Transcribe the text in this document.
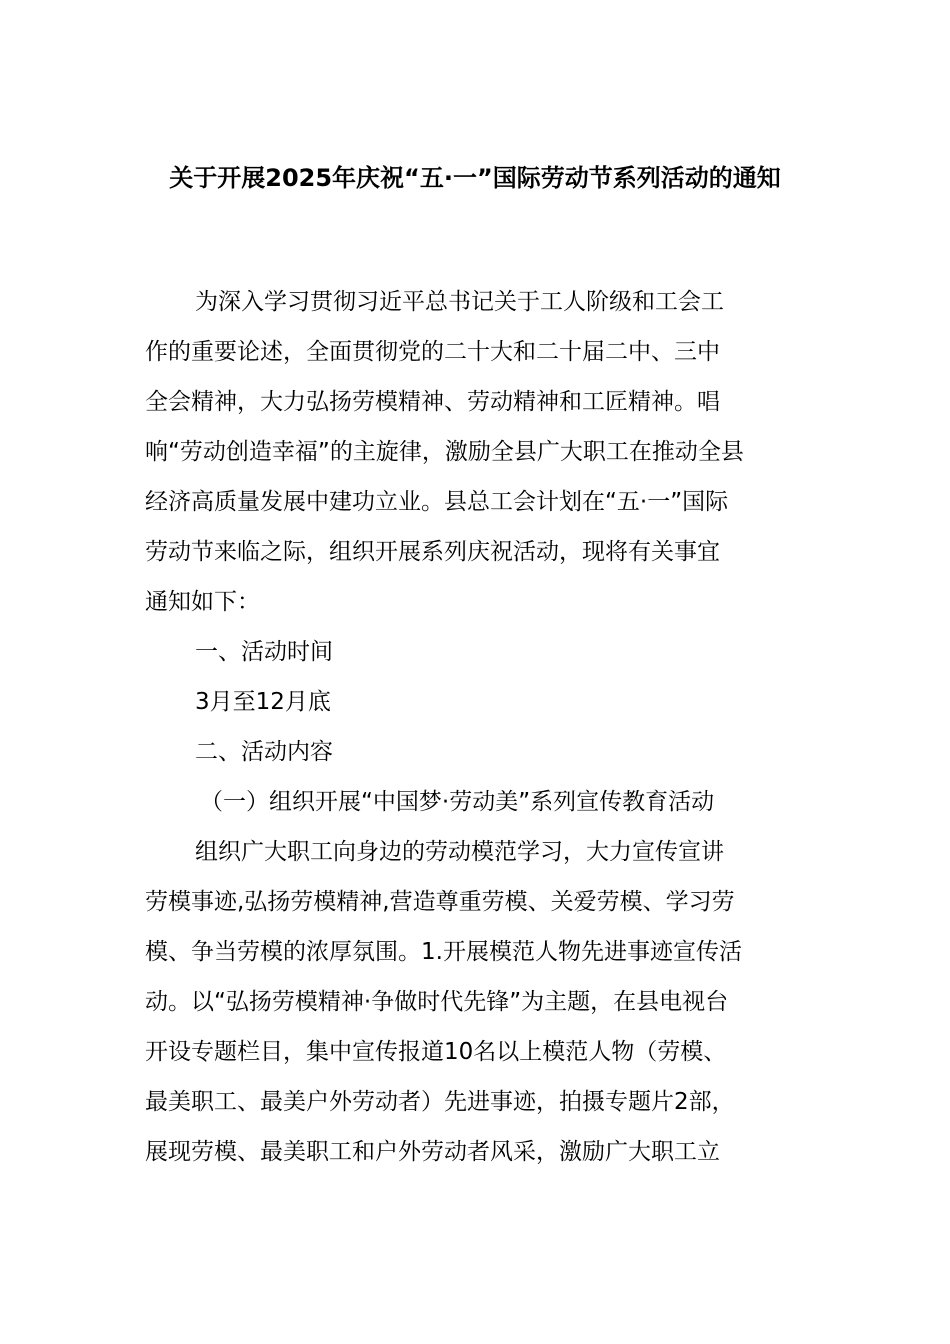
关于开展2025年庆祝“五·一”国际劳动节系列活动的通知
为深入学习贯彻习近平总书记关于工人阶级和工会工
作的重要论述，全面贯彻党的二十大和二十届二中、三中
全会精神，大力弘扬劳模精神、劳动精神和工匠精神。唱
响“劳动创造幸福”的主旋律，激励全县广大职工在推动全县
经济高质量发展中建功立业。县总工会计划在“五·一”国际
劳动节来临之际，组织开展系列庆祝活动，现将有关事宜
通知如下：
一、活动时间
3月至12月底
二、活动内容
（一）组织开展“中国梦·劳动美”系列宣传教育活动
组织广大职工向身边的劳动模范学习，大力宣传宣讲
劳模事迹,弘扬劳模精神,营造尊重劳模、关爱劳模、学习劳
模、争当劳模的浓厚氛围。1.开展模范人物先进事迹宣传活
动。以“弘扬劳模精神·争做时代先锋”为主题，在县电视台
开设专题栏目，集中宣传报道10名以上模范人物（劳模、
最美职工、最美户外劳动者）先进事迹，拍摄专题片2部，
展现劳模、最美职工和户外劳动者风采，激励广大职工立
